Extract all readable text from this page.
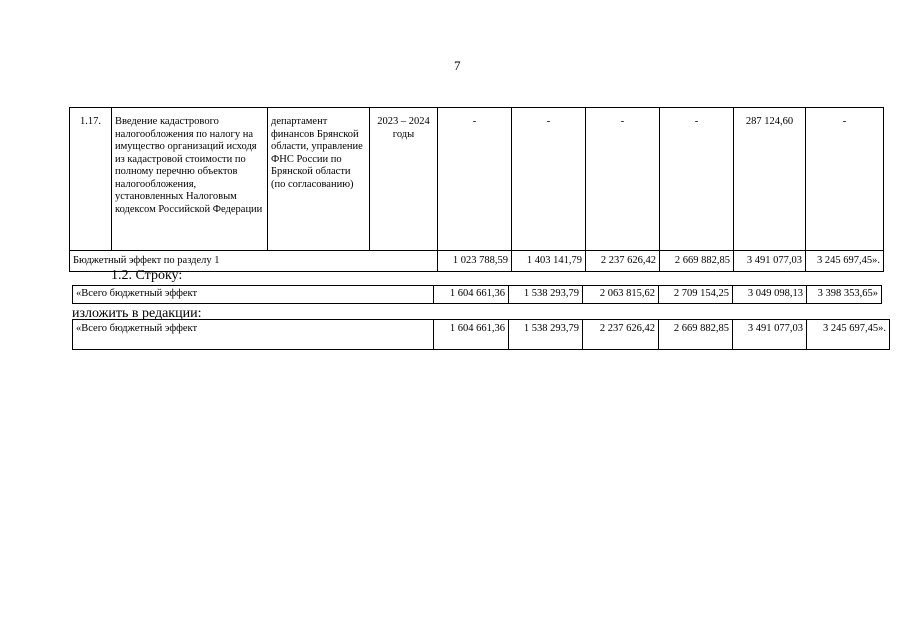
7
1.17.	Введение кадастрового налогообложения по налогу на имущество организаций исходя из кадастровой стоимости по полному перечню объектов налогообложения, установленных Налоговым кодексом Российской Федерации	департамент финансов Брянской области, управление ФНС России по Брянской области (по согласованию)	2023 – 2024 годы	-	-	-	-	287 124,60	-
Бюджетный эффект по разделу 1				1 023 788,59	1 403 141,79	2 237 626,42	2 669 882,85	3 491 077,03	3 245 697,45».
1.2. Строку:
«Всего бюджетный эффект	1 604 661,36	1 538 293,79	2 063 815,62	2 709 154,25	3 049 098,13	3 398 353,65»
изложить в редакции:
«Всего бюджетный эффект	1 604 661,36	1 538 293,79	2 237 626,42	2 669 882,85	3 491 077,03	3 245 697,45».
